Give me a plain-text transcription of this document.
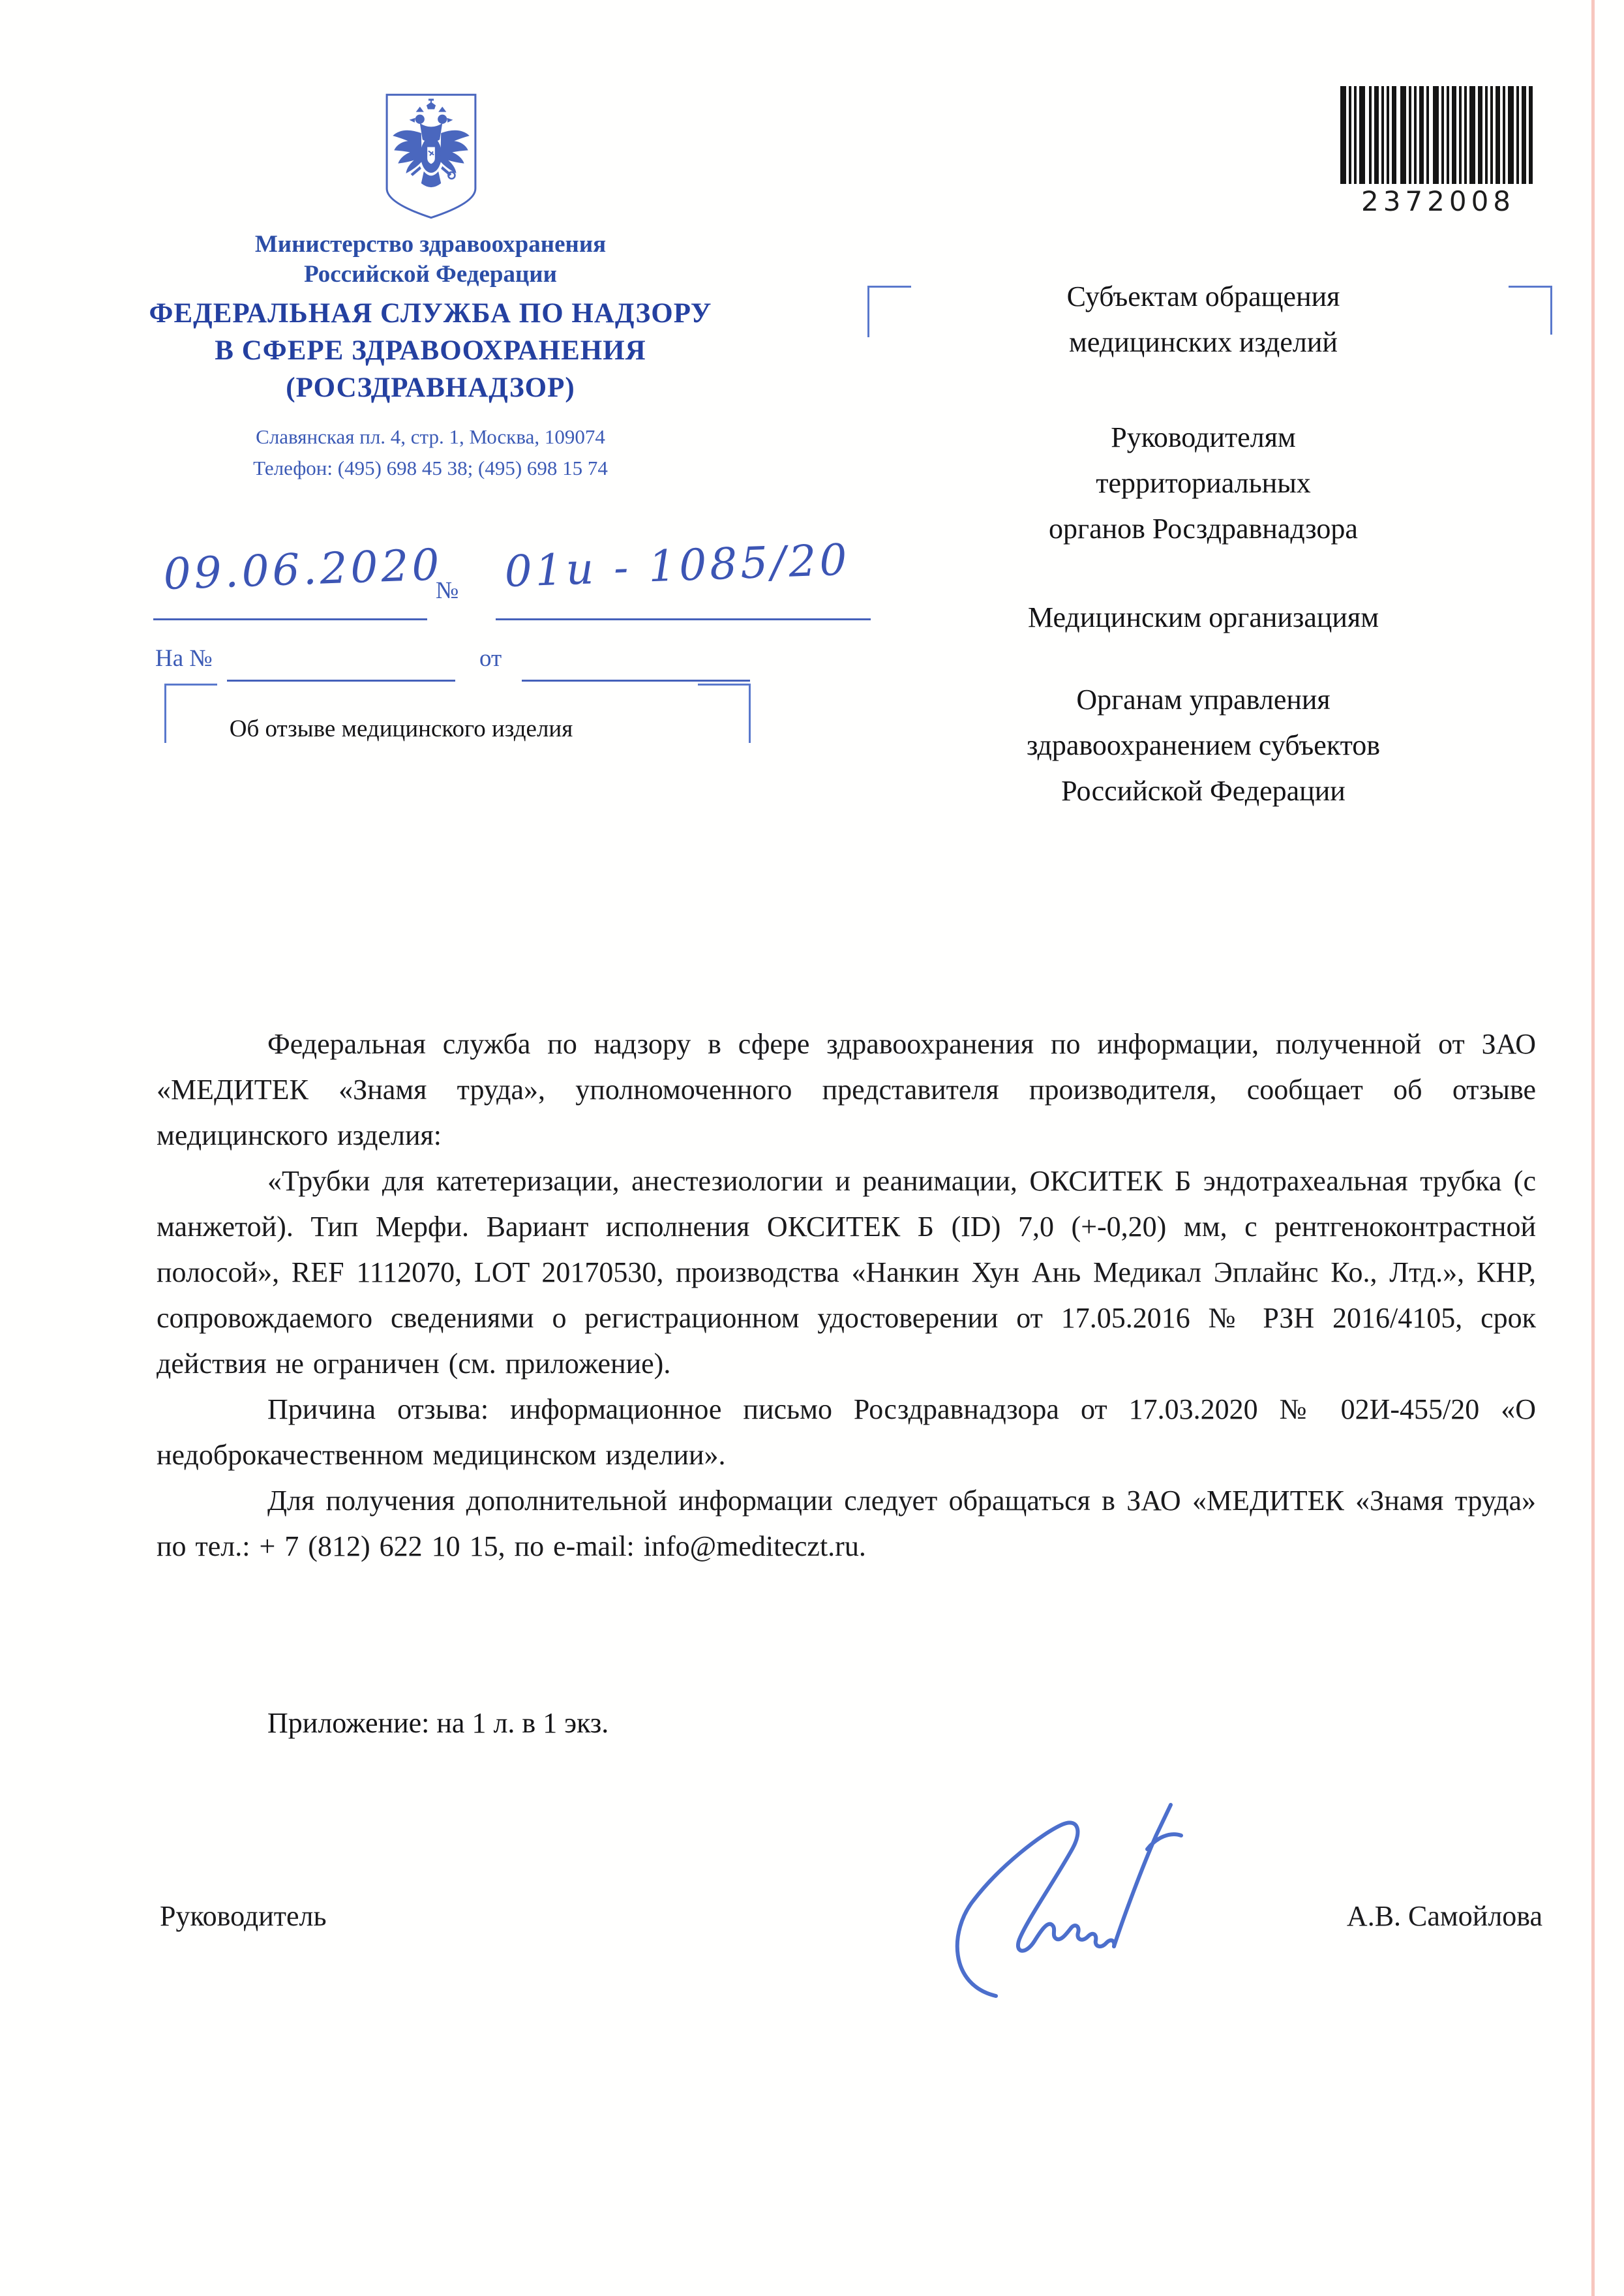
2372008
Министерство здравоохранения
Российской Федерации
ФЕДЕРАЛЬНАЯ СЛУЖБА ПО НАДЗОРУ
В СФЕРЕ ЗДРАВООХРАНЕНИЯ
(РОСЗДРАВНАДЗОР)
Славянская пл. 4, стр. 1, Москва, 109074
Телефон: (495) 698 45 38; (495) 698 15 74
09.06.2020
№ 01и - 1085/20
На №	от
Об отзыве медицинского изделия
Субъектам обращения
медицинских изделий
Руководителям
территориальных
органов Росздравнадзора
Медицинским организациям
Органам управления
здравоохранением субъектов
Российской Федерации

Федеральная служба по надзору в сфере здравоохранения по информации, полученной от ЗАО «МЕДИТЕК «Знамя труда», уполномоченного представителя производителя, сообщает об отзыве медицинского изделия:

«Трубки для катетеризации, анестезиологии и реанимации, ОКСИТЕК Б эндотрахеальная трубка (с манжетой). Тип Мерфи. Вариант исполнения ОКСИТЕК Б (ID) 7,0 (+-0,20) мм, с рентгеноконтрастной полосой», REF 1112070, LOT 20170530, производства «Нанкин Хун Ань Медикал Эплайнс Ко., Лтд.», КНР, сопровождаемого сведениями о регистрационном удостоверении от 17.05.2016 № РЗН 2016/4105, срок действия не ограничен (см. приложение).

Причина отзыва: информационное письмо Росздравнадзора от 17.03.2020 № 02И-455/20 «О недоброкачественном медицинском изделии».

Для получения дополнительной информации следует обращаться в ЗАО «МЕДИТЕК «Знамя труда» по тел.: + 7 (812) 622 10 15, по e-mail: info@mediteczt.ru.

Приложение: на 1 л. в 1 экз.
Руководитель	А.В. Самойлова
